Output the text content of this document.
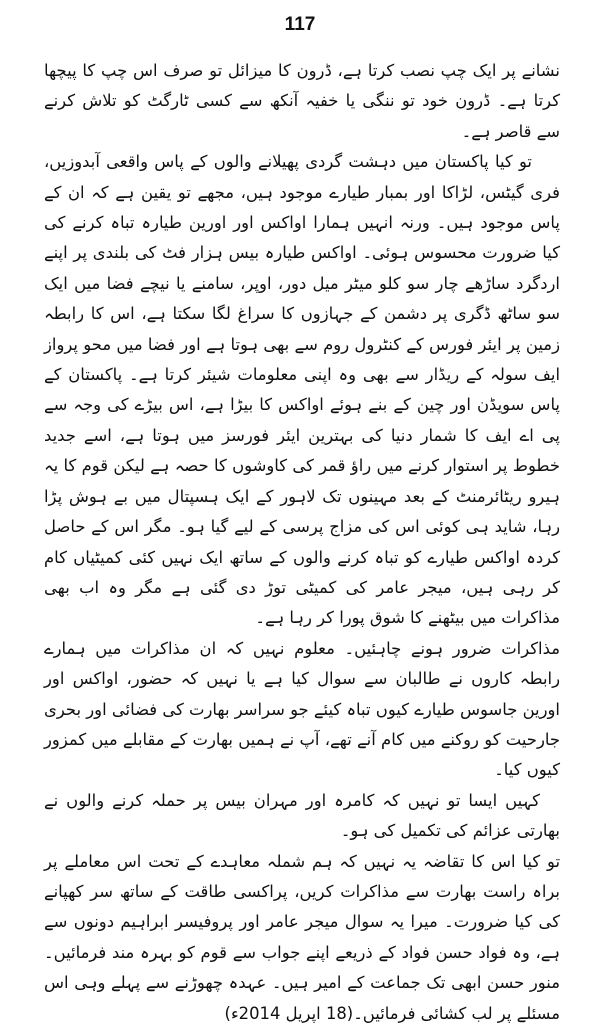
117

نشانے پر ایک چپ نصب کرتا ہے، ڈرون کا میزائل تو صرف اس چپ کا پیچھا کرتا ہے۔ ڈرون خود تو ننگی یا خفیہ آنکھ سے کسی ٹارگٹ کو تلاش کرنے سے قاصر ہے۔

تو کیا پاکستان میں دہشت گردی پھیلانے والوں کے پاس واقعی آبدوزیں، فری گیٹس، لڑاکا اور بمبار طیارے موجود ہیں، مجھے تو یقین ہے کہ ان کے پاس موجود ہیں۔ ورنہ انہیں ہمارا اواکس اور اورین طیارہ تباہ کرنے کی کیا ضرورت محسوس ہوئی۔ اواکس طیارہ بیس ہزار فٹ کی بلندی پر اپنے اردگرد ساڑھے چار سو کلو میٹر میل دور، اوپر، سامنے یا نیچے فضا میں ایک سو ساٹھ ڈگری پر دشمن کے جہازوں کا سراغ لگا سکتا ہے، اس کا رابطہ زمین پر ایئر فورس کے کنٹرول روم سے بھی ہوتا ہے اور فضا میں محو پرواز ایف سولہ کے ریڈار سے بھی وہ اپنی معلومات شیئر کرتا ہے۔ پاکستان کے پاس سویڈن اور چین کے بنے ہوئے اواکس کا بیڑا ہے، اس بیڑے کی وجہ سے پی اے ایف کا شمار دنیا کی بہترین ایئر فورسز میں ہوتا ہے، اسے جدید خطوط پر استوار کرنے میں راؤ قمر کی کاوشوں کا حصہ ہے لیکن قوم کا یہ ہیرو ریٹائرمنٹ کے بعد مہینوں تک لاہور کے ایک ہسپتال میں بے ہوش پڑا رہا، شاید ہی کوئی اس کی مزاج پرسی کے لیے گیا ہو۔ مگر اس کے حاصل کردہ اواکس طیارے کو تباہ کرنے والوں کے ساتھ ایک نہیں کئی کمیٹیاں کام کر رہی ہیں، میجر عامر کی کمیٹی توڑ دی گئی ہے مگر وہ اب بھی مذاکرات میں بیٹھنے کا شوق پورا کر رہا ہے۔

مذاکرات ضرور ہونے چاہئیں۔ معلوم نہیں کہ ان مذاکرات میں ہمارے رابطہ کاروں نے طالبان سے سوال کیا ہے یا نہیں کہ حضور، اواکس اور اورین جاسوس طیارے کیوں تباہ کیئے جو سراسر بھارت کی فضائی اور بحری جارحیت کو روکنے میں کام آنے تھے، آپ نے ہمیں بھارت کے مقابلے میں کمزور کیوں کیا۔

کہیں ایسا تو نہیں کہ کامرہ اور مہران بیس پر حملہ کرنے والوں نے بھارتی عزائم کی تکمیل کی ہو۔

تو کیا اس کا تقاضہ یہ نہیں کہ ہم شملہ معاہدے کے تحت اس معاملے پر براہ راست بھارت سے مذاکرات کریں، پراکسی طاقت کے ساتھ سر کھپانے کی کیا ضرورت۔ میرا یہ سوال میجر عامر اور پروفیسر ابراہیم دونوں سے ہے، وہ فواد حسن فواد کے ذریعے اپنے جواب سے قوم کو بہرہ مند فرمائیں۔ منور حسن ابھی تک جماعت کے امیر ہیں۔ عہدہ چھوڑنے سے پہلے وہی اس مسئلے پر لب کشائی فرمائیں۔(18 اپریل 2014ء)
